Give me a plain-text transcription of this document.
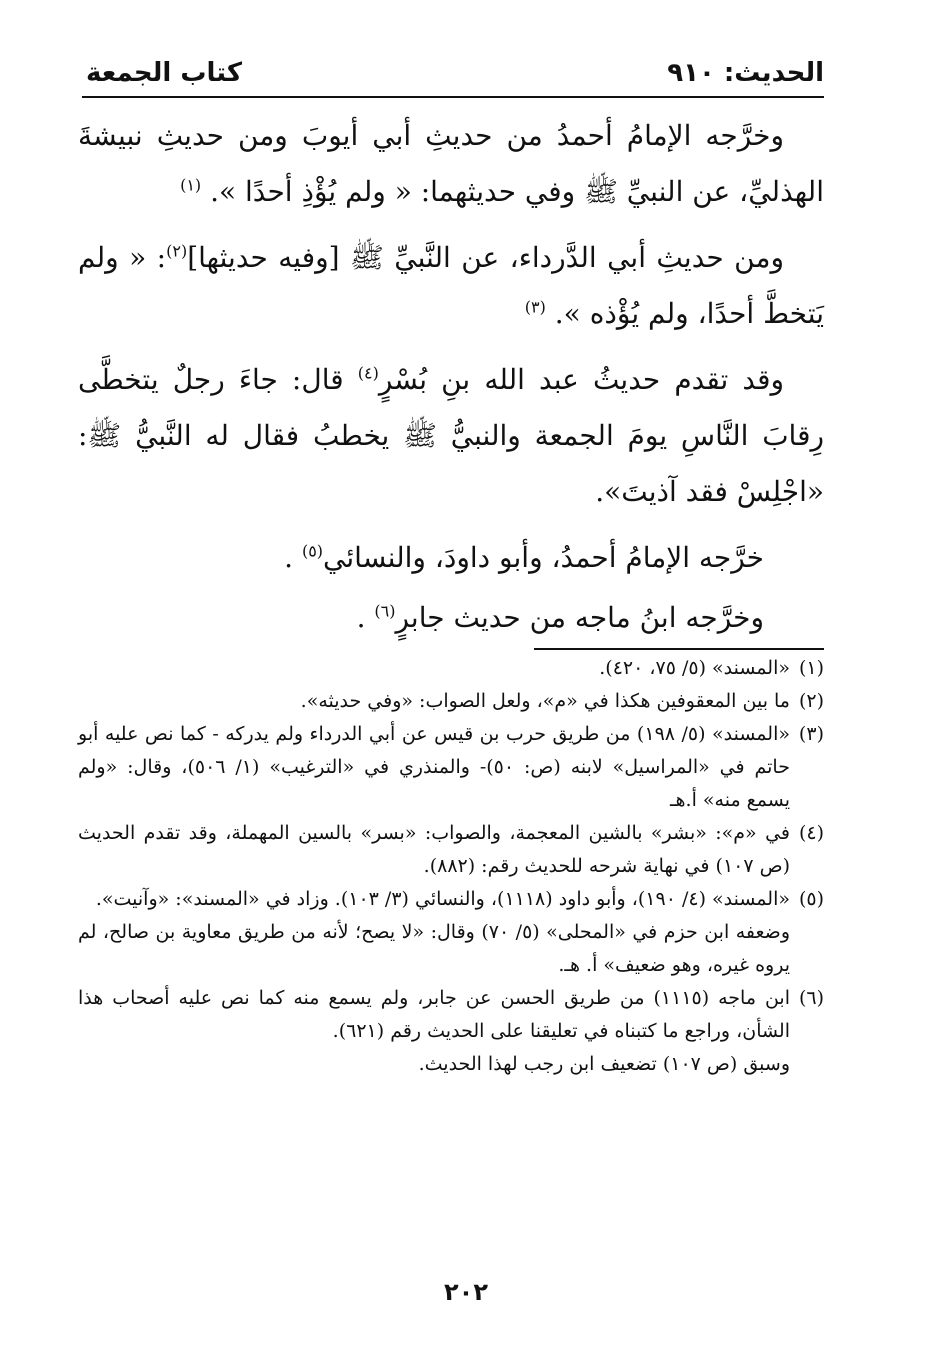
الحديث: ٩١٠
كتاب الجمعة

وخرَّجه الإمامُ أحمدُ من حديثِ أبي أيوبَ ومن حديثِ نبيشةَ الهذليِّ، عن النبيِّ ﷺ وفي حديثهما: « ولم يُؤْذِ أحدًا ». $^{(١)}$

ومن حديثِ أبي الدَّرداء، عن النَّبيِّ ﷺ [وفيه حديثها]$^{(٢)}$: « ولم يَتخطَّ أحدًا، ولم يُؤْذه ». $^{(٣)}$

وقد تقدم حديثُ عبد الله بنِ بُسْرٍ$^{(٤)}$ قال: جاءَ رجلٌ يتخطَّى رِقابَ النَّاسِ يومَ الجمعة والنبيُّ ﷺ يخطبُ فقال له النَّبيُّ ﷺ: «اجْلِسْ فقد آذيتَ».

خرَّجه الإمامُ أحمدُ، وأبو داودَ، والنسائي$^{(٥)}$ .

وخرَّجه ابنُ ماجه من حديث جابرٍ$^{(٦)}$ .

(١)«المسند» (٥/ ٧٥، ٤٢٠).

(٢)ما بين المعقوفين هكذا في «م»، ولعل الصواب: «وفي حديثه».

(٣)«المسند» (٥/ ١٩٨) من طريق حرب بن قيس عن أبي الدرداء ولم يدركه - كما نص عليه أبو حاتم في «المراسيل» لابنه (ص: ٥٠)- والمنذري في «الترغيب» (١/ ٥٠٦)، وقال: «ولم يسمع منه» أ.هـ

(٤)في «م»: «بشر» بالشين المعجمة، والصواب: «بسر» بالسين المهملة، وقد تقدم الحديث (ص ١٠٧) في نهاية شرحه للحديث رقم: (٨٨٢).

(٥)«المسند» (٤/ ١٩٠)، وأبو داود (١١١٨)، والنسائي (٣/ ١٠٣). وزاد في «المسند»: «وآنيت».

وضعفه ابن حزم في «المحلى» (٥/ ٧٠) وقال: «لا يصح؛ لأنه من طريق معاوية بن صالح، لم يروه غيره، وهو ضعيف» أ. هـ.

(٦)ابن ماجه (١١١٥) من طريق الحسن عن جابر، ولم يسمع منه كما نص عليه أصحاب هذا الشأن، وراجع ما كتبناه في تعليقنا على الحديث رقم (٦٢١).

وسبق (ص ١٠٧) تضعيف ابن رجب لهذا الحديث.

٢٠٢
